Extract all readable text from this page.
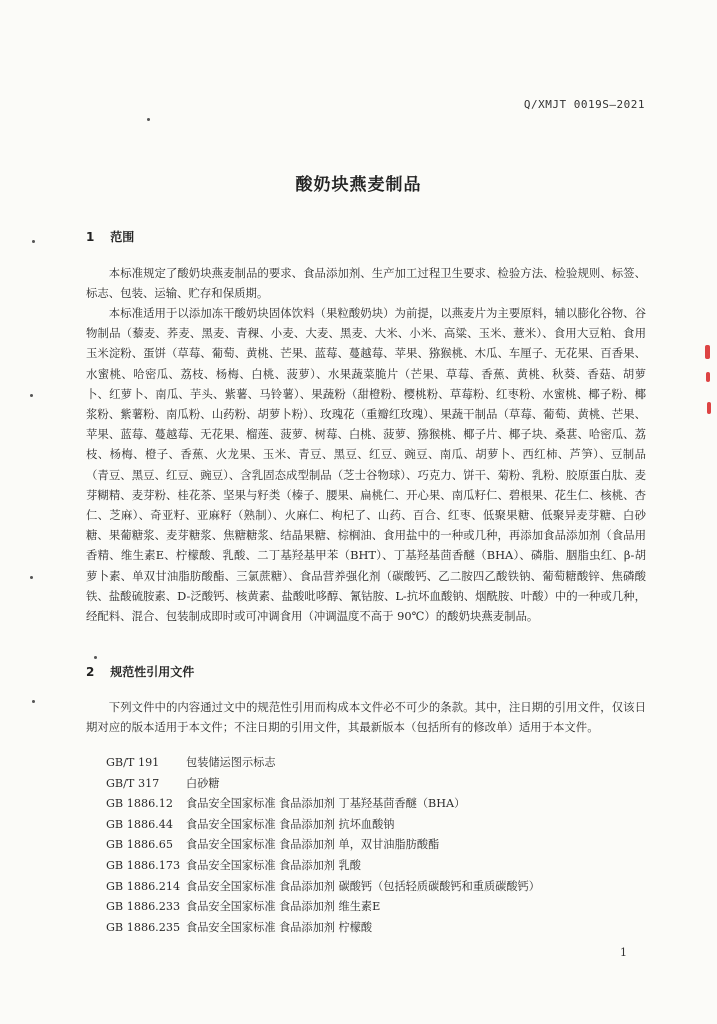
Q/XMJT 0019S—2021
酸奶块燕麦制品
1 范围

本标准规定了酸奶块燕麦制品的要求、食品添加剂、生产加工过程卫生要求、检验方法、检验规则、标签、标志、包装、运输、贮存和保质期。

本标准适用于以添加冻干酸奶块固体饮料（果粒酸奶块）为前提，以燕麦片为主要原料，辅以膨化谷物、谷物制品（藜麦、荞麦、黑麦、青稞、小麦、大麦、黑麦、大米、小米、高粱、玉米、薏米）、食用大豆粕、食用玉米淀粉、蛋饼（草莓、葡萄、黄桃、芒果、蓝莓、蔓越莓、苹果、猕猴桃、木瓜、车厘子、无花果、百香果、水蜜桃、哈密瓜、荔枝、杨梅、白桃、菠萝）、水果蔬菜脆片（芒果、草莓、香蕉、黄桃、秋葵、香菇、胡萝卜、红萝卜、南瓜、芋头、紫薯、马铃薯）、果蔬粉（甜橙粉、樱桃粉、草莓粉、红枣粉、水蜜桃、椰子粉、椰浆粉、紫薯粉、南瓜粉、山药粉、胡萝卜粉）、玫瑰花（重瓣红玫瑰）、果蔬干制品（草莓、葡萄、黄桃、芒果、苹果、蓝莓、蔓越莓、无花果、榴莲、菠萝、树莓、白桃、菠萝、猕猴桃、椰子片、椰子块、桑葚、哈密瓜、荔枝、杨梅、橙子、香蕉、火龙果、玉米、青豆、黑豆、红豆、豌豆、南瓜、胡萝卜、西红柿、芦笋）、豆制品（青豆、黑豆、红豆、豌豆）、含乳固态成型制品（芝士谷物球）、巧克力、饼干、菊粉、乳粉、胶原蛋白肽、麦芽糊精、麦芽粉、桂花茶、坚果与籽类（榛子、腰果、扁桃仁、开心果、南瓜籽仁、碧根果、花生仁、核桃、杏仁、芝麻）、奇亚籽、亚麻籽（熟制）、火麻仁、枸杞了、山药、百合、红枣、低聚果糖、低聚异麦芽糖、白砂糖、果葡糖浆、麦芽糖浆、焦糖糖浆、结晶果糖、棕榈油、食用盐中的一种或几种，再添加食品添加剂（食品用香精、维生素E、柠檬酸、乳酸、二丁基羟基甲苯（BHT）、丁基羟基茴香醚（BHA）、磷脂、胭脂虫红、β-胡萝卜素、单双甘油脂肪酸酯、三氯蔗糖）、食品营养强化剂（碳酸钙、乙二胺四乙酸铁钠、葡萄糖酸锌、焦磷酸铁、盐酸硫胺素、D-泛酸钙、核黄素、盐酸吡哆醇、氰钴胺、L-抗坏血酸钠、烟酰胺、叶酸）中的一种或几种，经配料、混合、包装制成即时或可冲调食用（冲调温度不高于 90℃）的酸奶块燕麦制品。

2 规范性引用文件

下列文件中的内容通过文中的规范性引用而构成本文件必不可少的条款。其中，注日期的引用文件，仅该日期对应的版本适用于本文件；不注日期的引用文件，其最新版本（包括所有的修改单）适用于本文件。

GB/T 191 包装储运图示标志
GB/T 317 白砂糖
GB 1886.12 食品安全国家标准 食品添加剂 丁基羟基茴香醚（BHA）
GB 1886.44 食品安全国家标准 食品添加剂 抗坏血酸钠
GB 1886.65 食品安全国家标准 食品添加剂 单，双甘油脂肪酸酯
GB 1886.173 食品安全国家标准 食品添加剂 乳酸
GB 1886.214 食品安全国家标准 食品添加剂 碳酸钙（包括轻质碳酸钙和重质碳酸钙）
GB 1886.233 食品安全国家标准 食品添加剂 维生素E
GB 1886.235 食品安全国家标准 食品添加剂 柠檬酸
1
